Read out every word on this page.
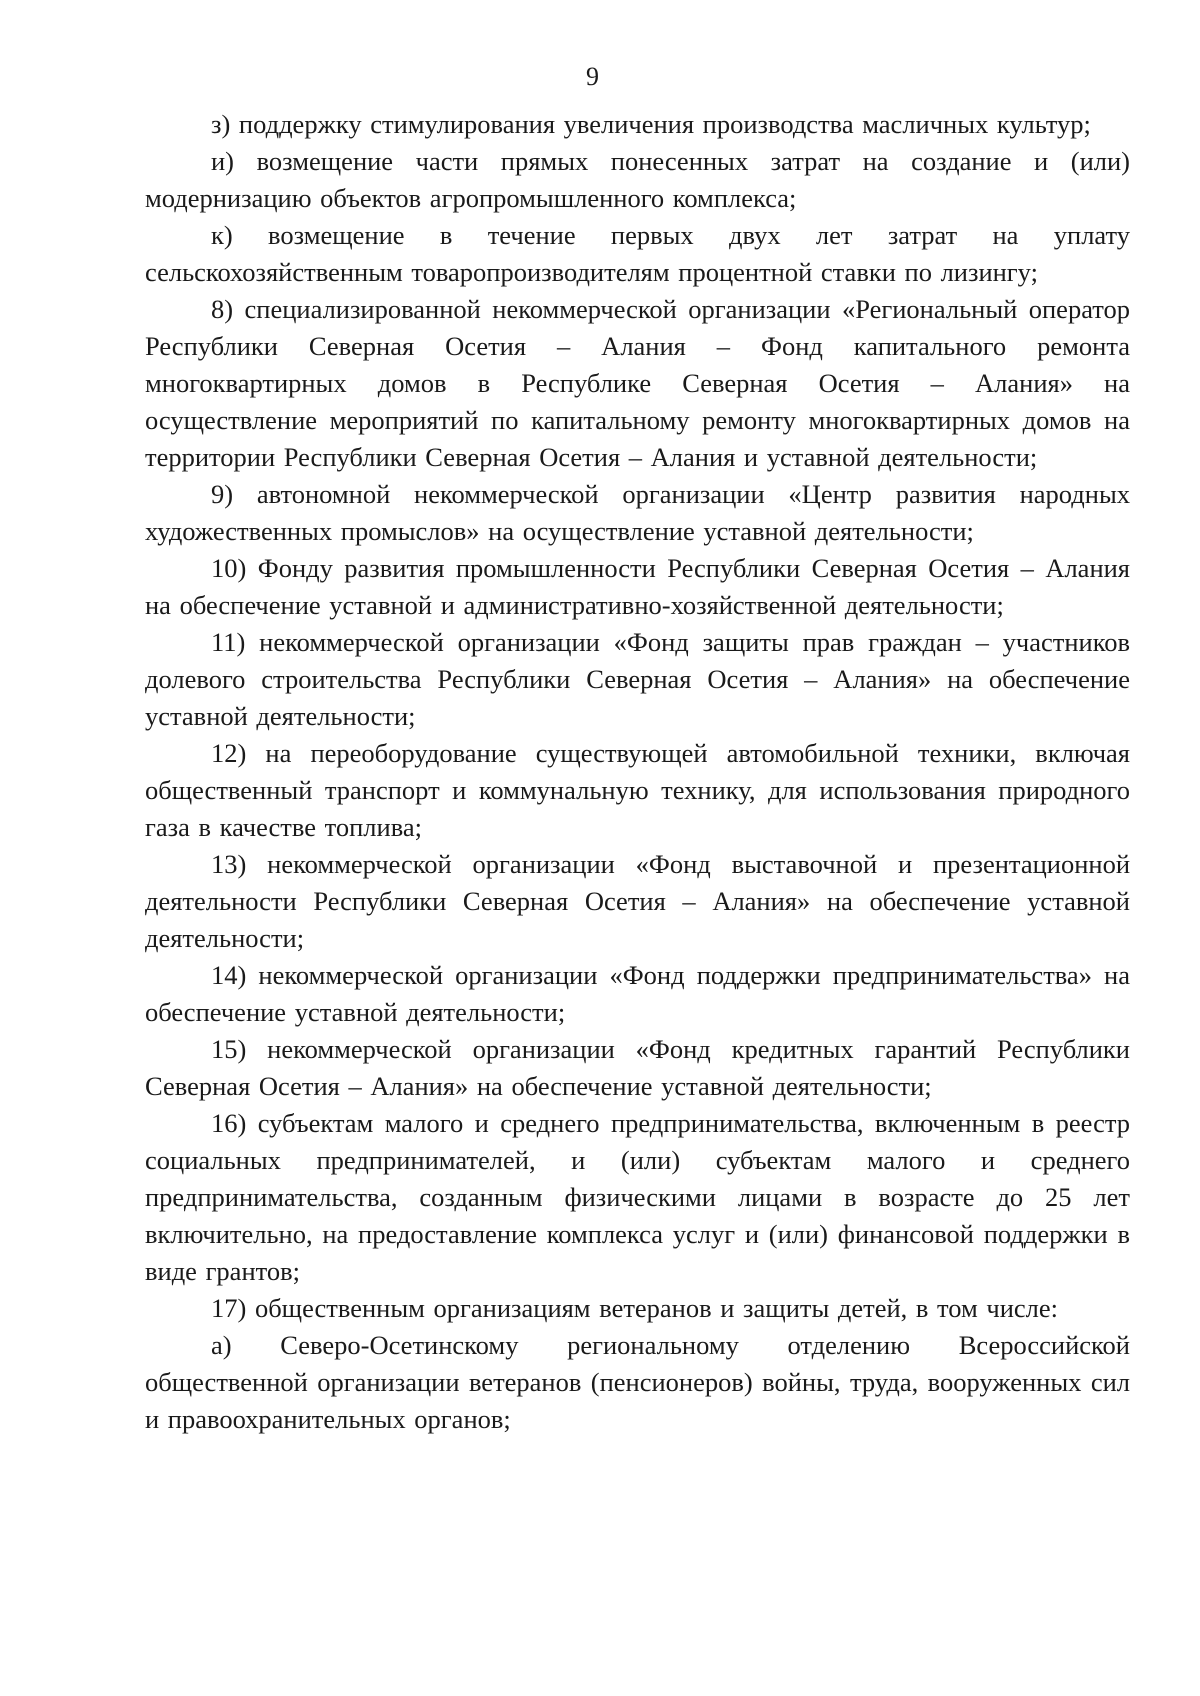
9

з) поддержку стимулирования увеличения производства масличных культур;

и) возмещение части прямых понесенных затрат на создание и (или) модернизацию объектов агропромышленного комплекса;

к) возмещение в течение первых двух лет затрат на уплату сельскохозяйственным товаропроизводителям процентной ставки по лизингу;

8) специализированной некоммерческой организации «Региональный оператор Республики Северная Осетия – Алания – Фонд капитального ремонта многоквартирных домов в Республике Северная Осетия – Алания» на осуществление мероприятий по капитальному ремонту многоквартирных домов на территории Республики Северная Осетия – Алания и уставной деятельности;

9) автономной некоммерческой организации «Центр развития народных художественных промыслов» на осуществление уставной деятельности;

10) Фонду развития промышленности Республики Северная Осетия – Алания на обеспечение уставной и административно-хозяйственной деятельности;

11) некоммерческой организации «Фонд защиты прав граждан – участников долевого строительства Республики Северная Осетия – Алания» на обеспечение уставной деятельности;

12) на переоборудование существующей автомобильной техники, включая общественный транспорт и коммунальную технику, для использования природного газа в качестве топлива;

13) некоммерческой организации «Фонд выставочной и презентационной деятельности Республики Северная Осетия – Алания» на обеспечение уставной деятельности;

14) некоммерческой организации «Фонд поддержки предпринимательства» на обеспечение уставной деятельности;

15) некоммерческой организации «Фонд кредитных гарантий Республики Северная Осетия – Алания» на обеспечение уставной деятельности;

16) субъектам малого и среднего предпринимательства, включенным в реестр социальных предпринимателей, и (или) субъектам малого и среднего предпринимательства, созданным физическими лицами в возрасте до 25 лет включительно, на предоставление комплекса услуг и (или) финансовой поддержки в виде грантов;

17) общественным организациям ветеранов и защиты детей, в том числе:

а) Северо-Осетинскому региональному отделению Всероссийской общественной организации ветеранов (пенсионеров) войны, труда, вооруженных сил и правоохранительных органов;
